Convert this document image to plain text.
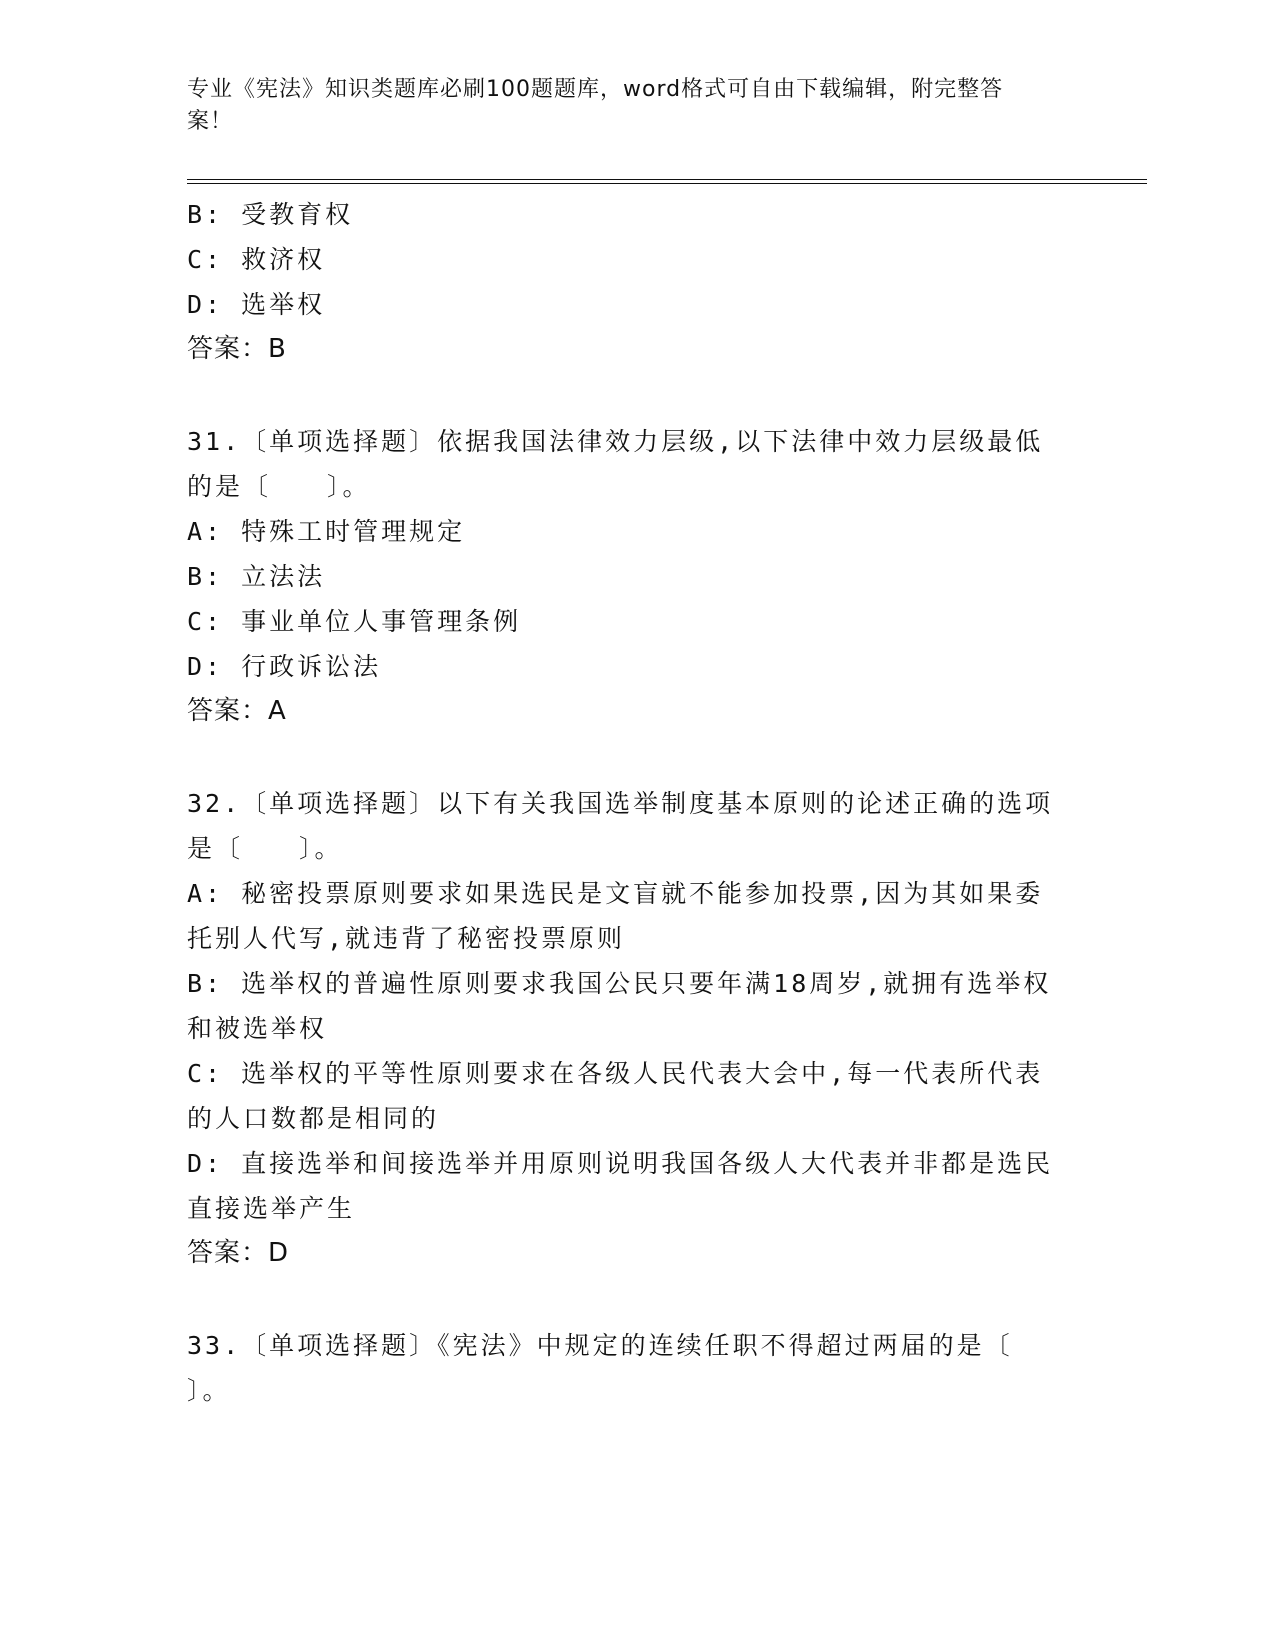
专业《宪法》知识类题库必刷100题题库，word格式可自由下载编辑，附完整答
案！
B: 受教育权
C: 救济权
D: 选举权
答案：B
31.〔单项选择题〕依据我国法律效力层级,以下法律中效力层级最低
的是〔　　〕。
A: 特殊工时管理规定
B: 立法法
C: 事业单位人事管理条例
D: 行政诉讼法
答案：A
32.〔单项选择题〕以下有关我国选举制度基本原则的论述正确的选项
是〔　　〕。
A: 秘密投票原则要求如果选民是文盲就不能参加投票,因为其如果委
托别人代写,就违背了秘密投票原则
B: 选举权的普遍性原则要求我国公民只要年满18周岁,就拥有选举权
和被选举权
C: 选举权的平等性原则要求在各级人民代表大会中,每一代表所代表
的人口数都是相同的
D: 直接选举和间接选举并用原则说明我国各级人大代表并非都是选民
直接选举产生
答案：D
33.〔单项选择题〕《宪法》中规定的连续任职不得超过两届的是〔
〕。
